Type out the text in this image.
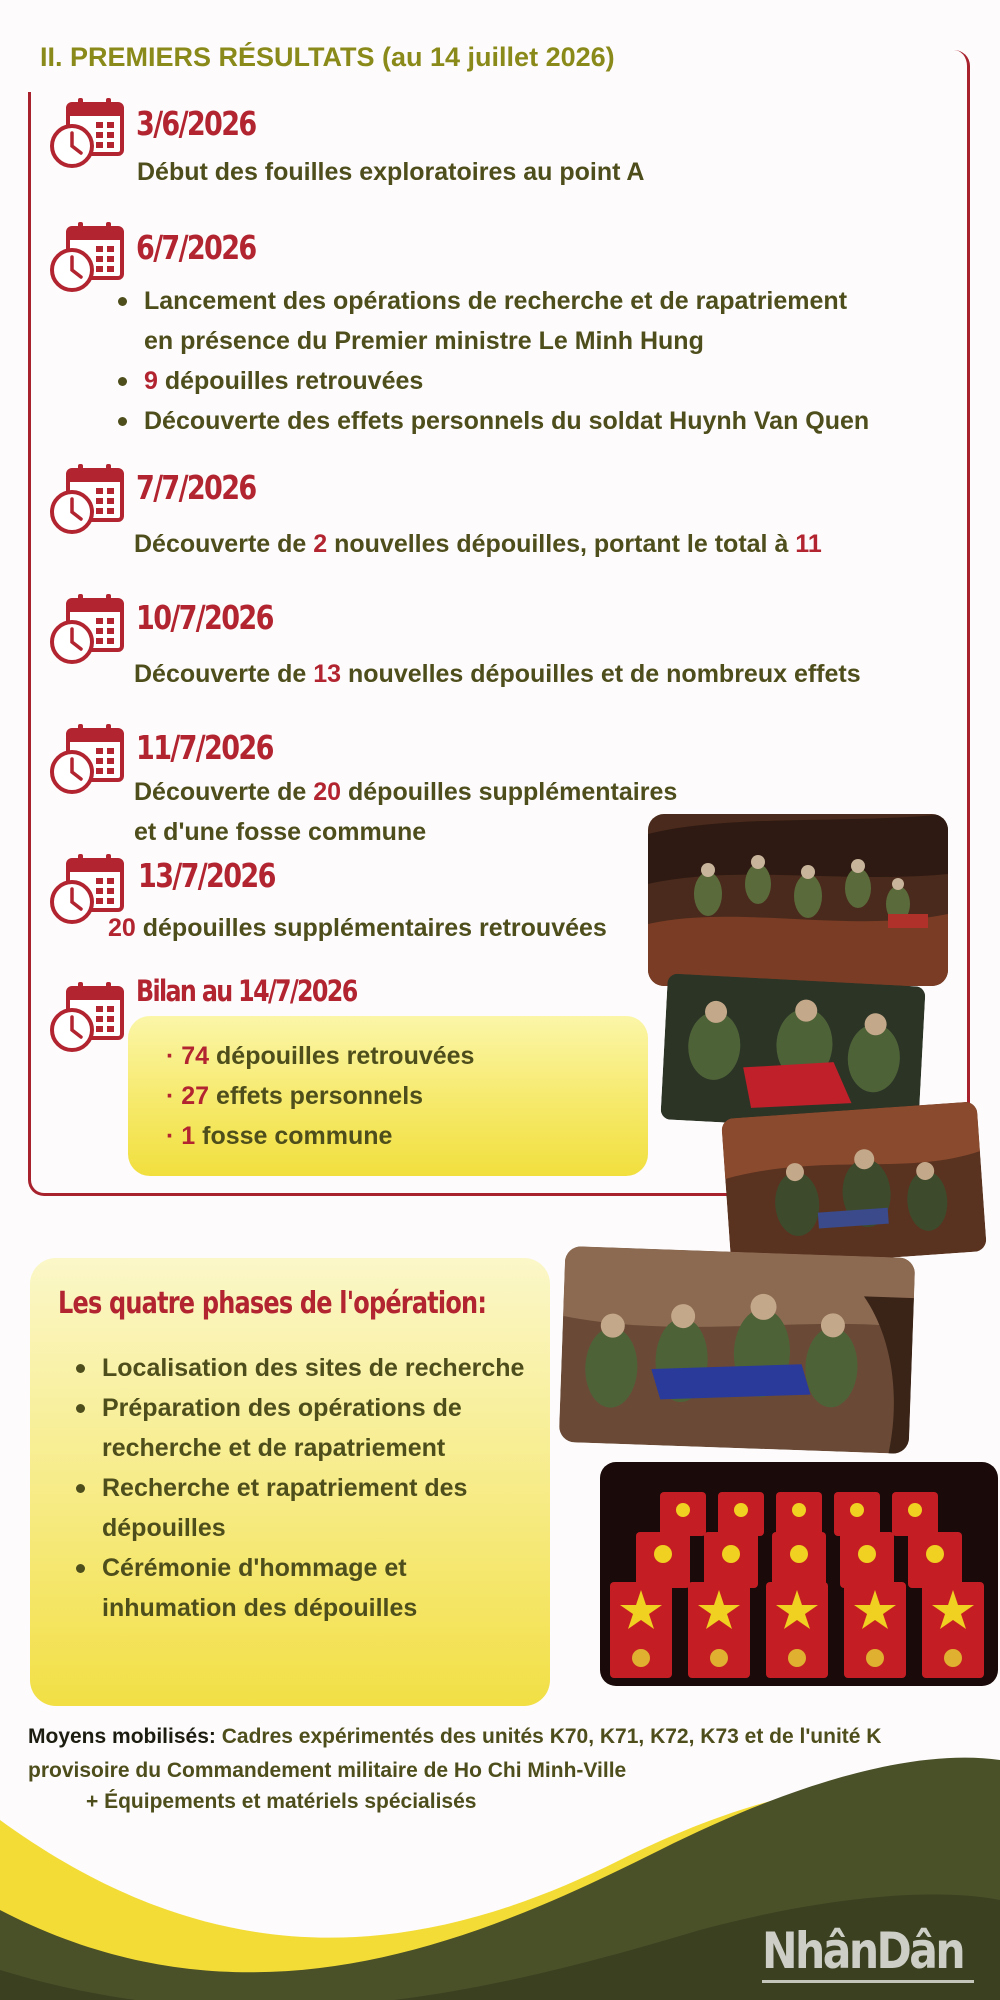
II. PREMIERS RÉSULTATS (au 14 juillet 2026)
3/6/2026
Début des fouilles exploratoires au point A
6/7/2026
Lancement des opérations de recherche et de rapatriement
en présence du Premier ministre Le Minh Hung
9 dépouilles retrouvées
Découverte des effets personnels du soldat Huynh Van Quen
7/7/2026
Découverte de 2 nouvelles dépouilles, portant le total à 11
10/7/2026
Découverte de 13 nouvelles dépouilles et de nombreux effets
11/7/2026
Découverte de 20 dépouilles supplémentaires
et d'une fosse commune
13/7/2026
20 dépouilles supplémentaires retrouvées
Bilan au 14/7/2026
· 74 dépouilles retrouvées
· 27 effets personnels
· 1 fosse commune
Les quatre phases de l'opération:
Localisation des sites de recherche
Préparation des opérations de
recherche et de rapatriement
Recherche et rapatriement des
dépouilles
Cérémonie d'hommage et
inhumation des dépouilles
Moyens mobilisés: Cadres expérimentés des unités K70, K71, K72, K73 et de l'unité K
provisoire du Commandement militaire de Ho Chi Minh-Ville
+ Équipements et matériels spécialisés
NhânDân
